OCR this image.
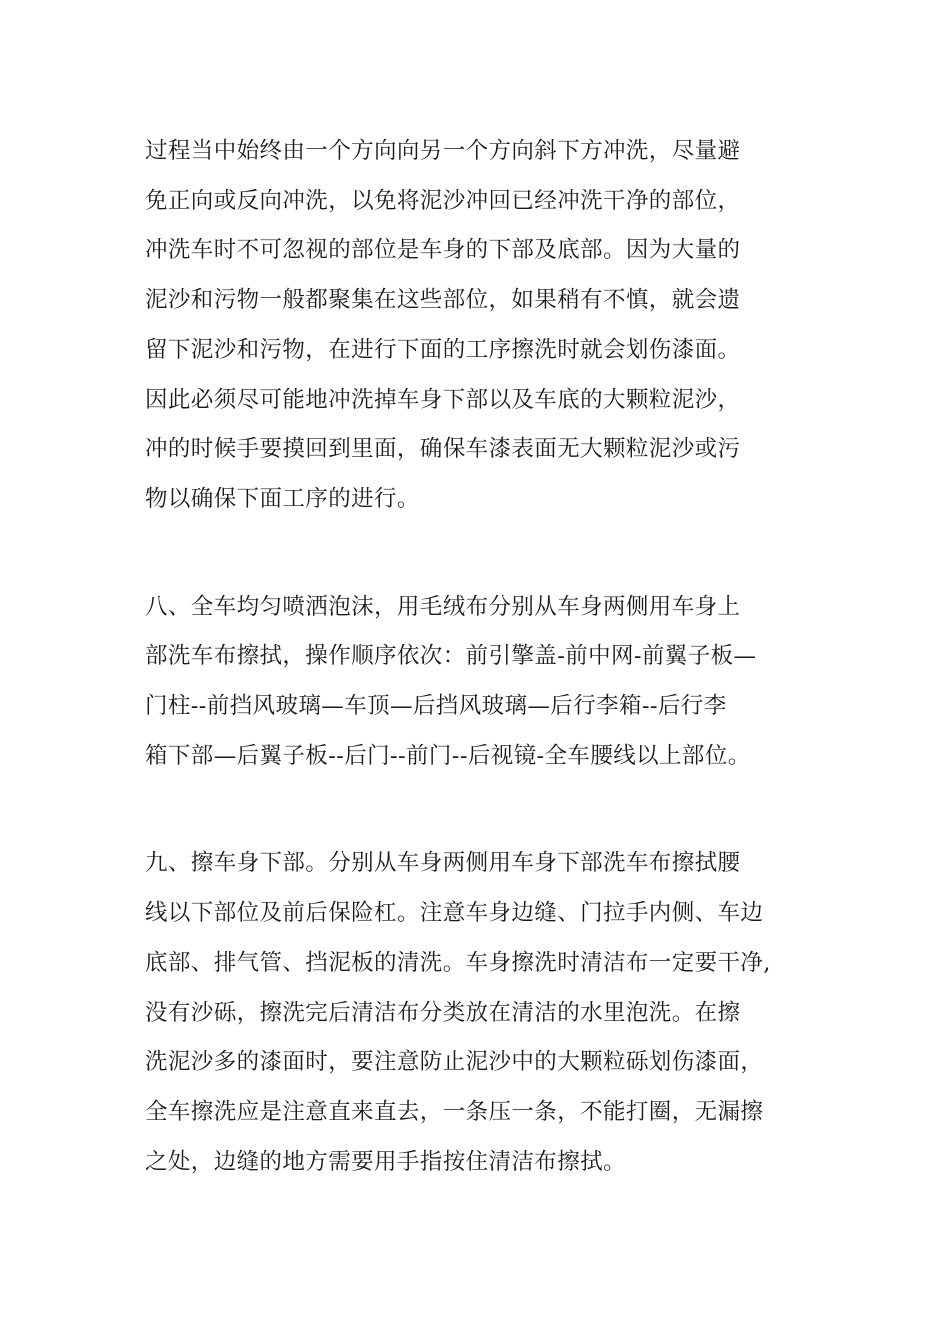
过程当中始终由一个方向向另一个方向斜下方冲洗，尽量避
免正向或反向冲洗，以免将泥沙冲回已经冲洗干净的部位，
冲洗车时不可忽视的部位是车身的下部及底部。因为大量的
泥沙和污物一般都聚集在这些部位，如果稍有不慎，就会遗
留下泥沙和污物，在进行下面的工序擦洗时就会划伤漆面。
因此必须尽可能地冲洗掉车身下部以及车底的大颗粒泥沙，
冲的时候手要摸回到里面，确保车漆表面无大颗粒泥沙或污
物以确保下面工序的进行。

八、全车均匀喷洒泡沫，用毛绒布分别从车身两侧用车身上
部洗车布擦拭，操作顺序依次：前引擎盖-前中网-前翼子板—
门柱--前挡风玻璃—车顶—后挡风玻璃—后行李箱--后行李
箱下部—后翼子板--后门--前门--后视镜-全车腰线以上部位。

九、擦车身下部。分别从车身两侧用车身下部洗车布擦拭腰
线以下部位及前后保险杠。注意车身边缝、门拉手内侧、车边
底部、排气管、挡泥板的清洗。车身擦洗时清洁布一定要干净,
没有沙砾，擦洗完后清洁布分类放在清洁的水里泡洗。在擦
洗泥沙多的漆面时，要注意防止泥沙中的大颗粒砾划伤漆面，
全车擦洗应是注意直来直去，一条压一条，不能打圈，无漏擦
之处，边缝的地方需要用手指按住清洁布擦拭。
